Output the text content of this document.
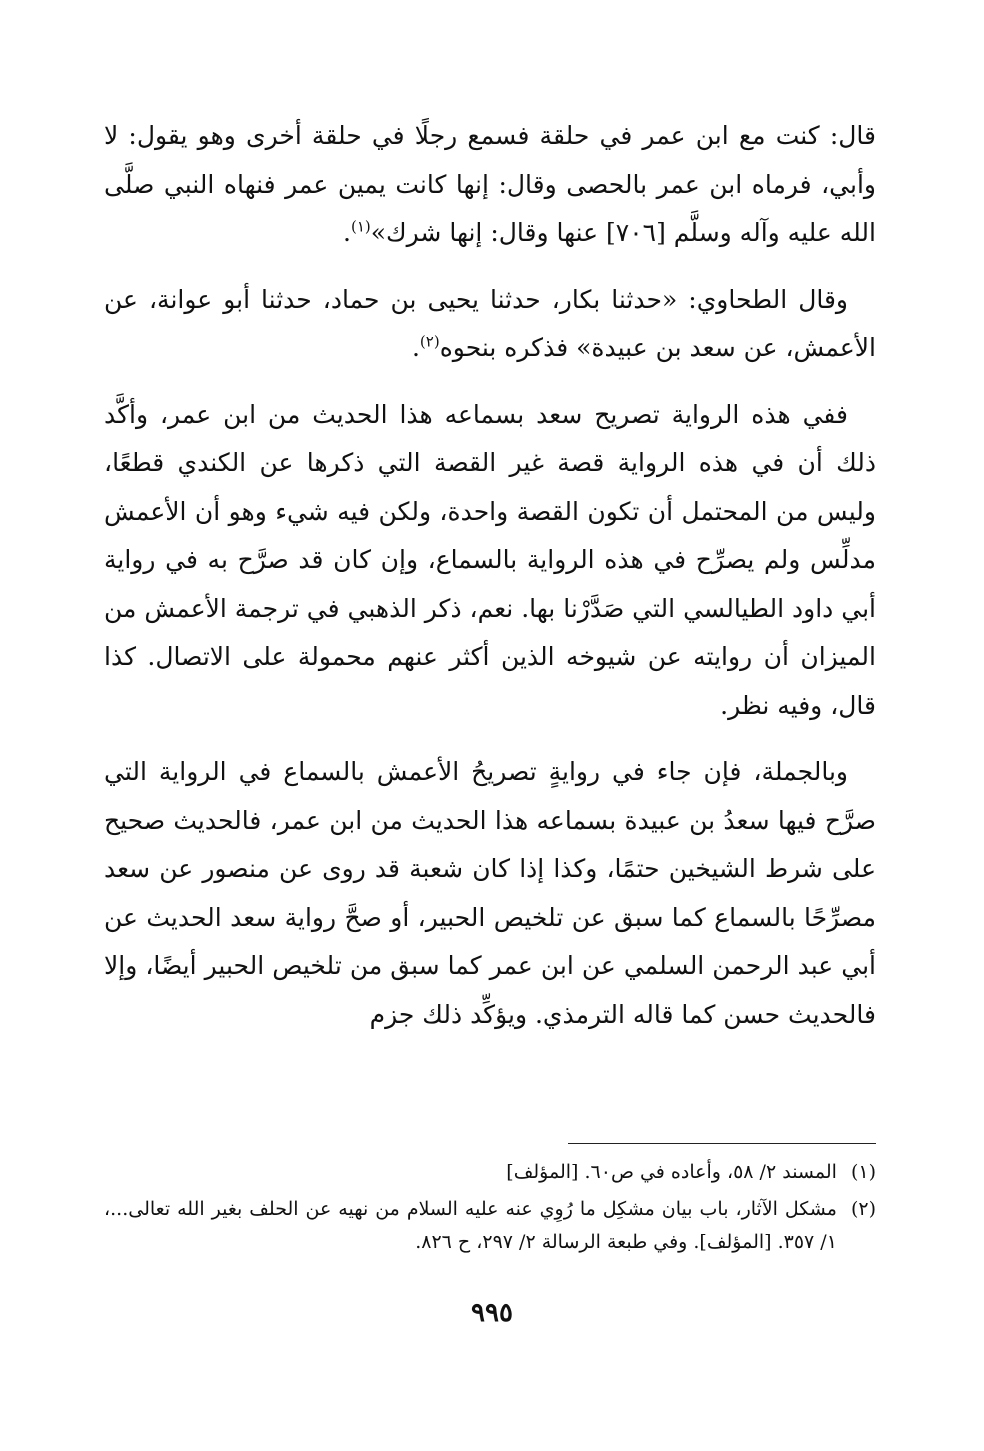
قال: كنت مع ابن عمر في حلقة فسمع رجلًا في حلقة أخرى وهو يقول: لا وأبي، فرماه ابن عمر بالحصى وقال: إنها كانت يمين عمر فنهاه النبي صلَّى الله عليه وآله وسلَّم [٧٠٦] عنها وقال: إنها شرك»$^{(١)}$.

وقال الطحاوي: «حدثنا بكار، حدثنا يحيى بن حماد، حدثنا أبو عوانة، عن الأعمش، عن سعد بن عبيدة» فذكره بنحوه$^{(٢)}$.

ففي هذه الرواية تصريح سعد بسماعه هذا الحديث من ابن عمر، وأكَّد ذلك أن في هذه الرواية قصة غير القصة التي ذكرها عن الكندي قطعًا، وليس من المحتمل أن تكون القصة واحدة، ولكن فيه شيء وهو أن الأعمش مدلِّس ولم يصرِّح في هذه الرواية بالسماع، وإن كان قد صرَّح به في رواية أبي داود الطيالسي التي صَدَّرْنا بها. نعم، ذكر الذهبي في ترجمة الأعمش من الميزان أن روايته عن شيوخه الذين أكثر عنهم محمولة على الاتصال. كذا قال، وفيه نظر.

وبالجملة، فإن جاء في روايةٍ تصريحُ الأعمش بالسماع في الرواية التي صرَّح فيها سعدُ بن عبيدة بسماعه هذا الحديث من ابن عمر، فالحديث صحيح على شرط الشيخين حتمًا، وكذا إذا كان شعبة قد روى عن منصور عن سعد مصرِّحًا بالسماع كما سبق عن تلخيص الحبير، أو صحَّ رواية سعد الحديث عن أبي عبد الرحمن السلمي عن ابن عمر كما سبق من تلخيص الحبير أيضًا، وإلا فالحديث حسن كما قاله الترمذي. ويؤكِّد ذلك جزم

(١)
المسند ٢/ ٥٨، وأعاده في ص٦٠. [المؤلف]
(٢)
مشكل الآثار، باب بيان مشكِل ما رُوِي عنه عليه السلام من نهيه عن الحلف بغير الله تعالى...، ١/ ٣٥٧. [المؤلف]. وفي طبعة الرسالة ٢/ ٢٩٧، ح ٨٢٦.
٩٩٥
